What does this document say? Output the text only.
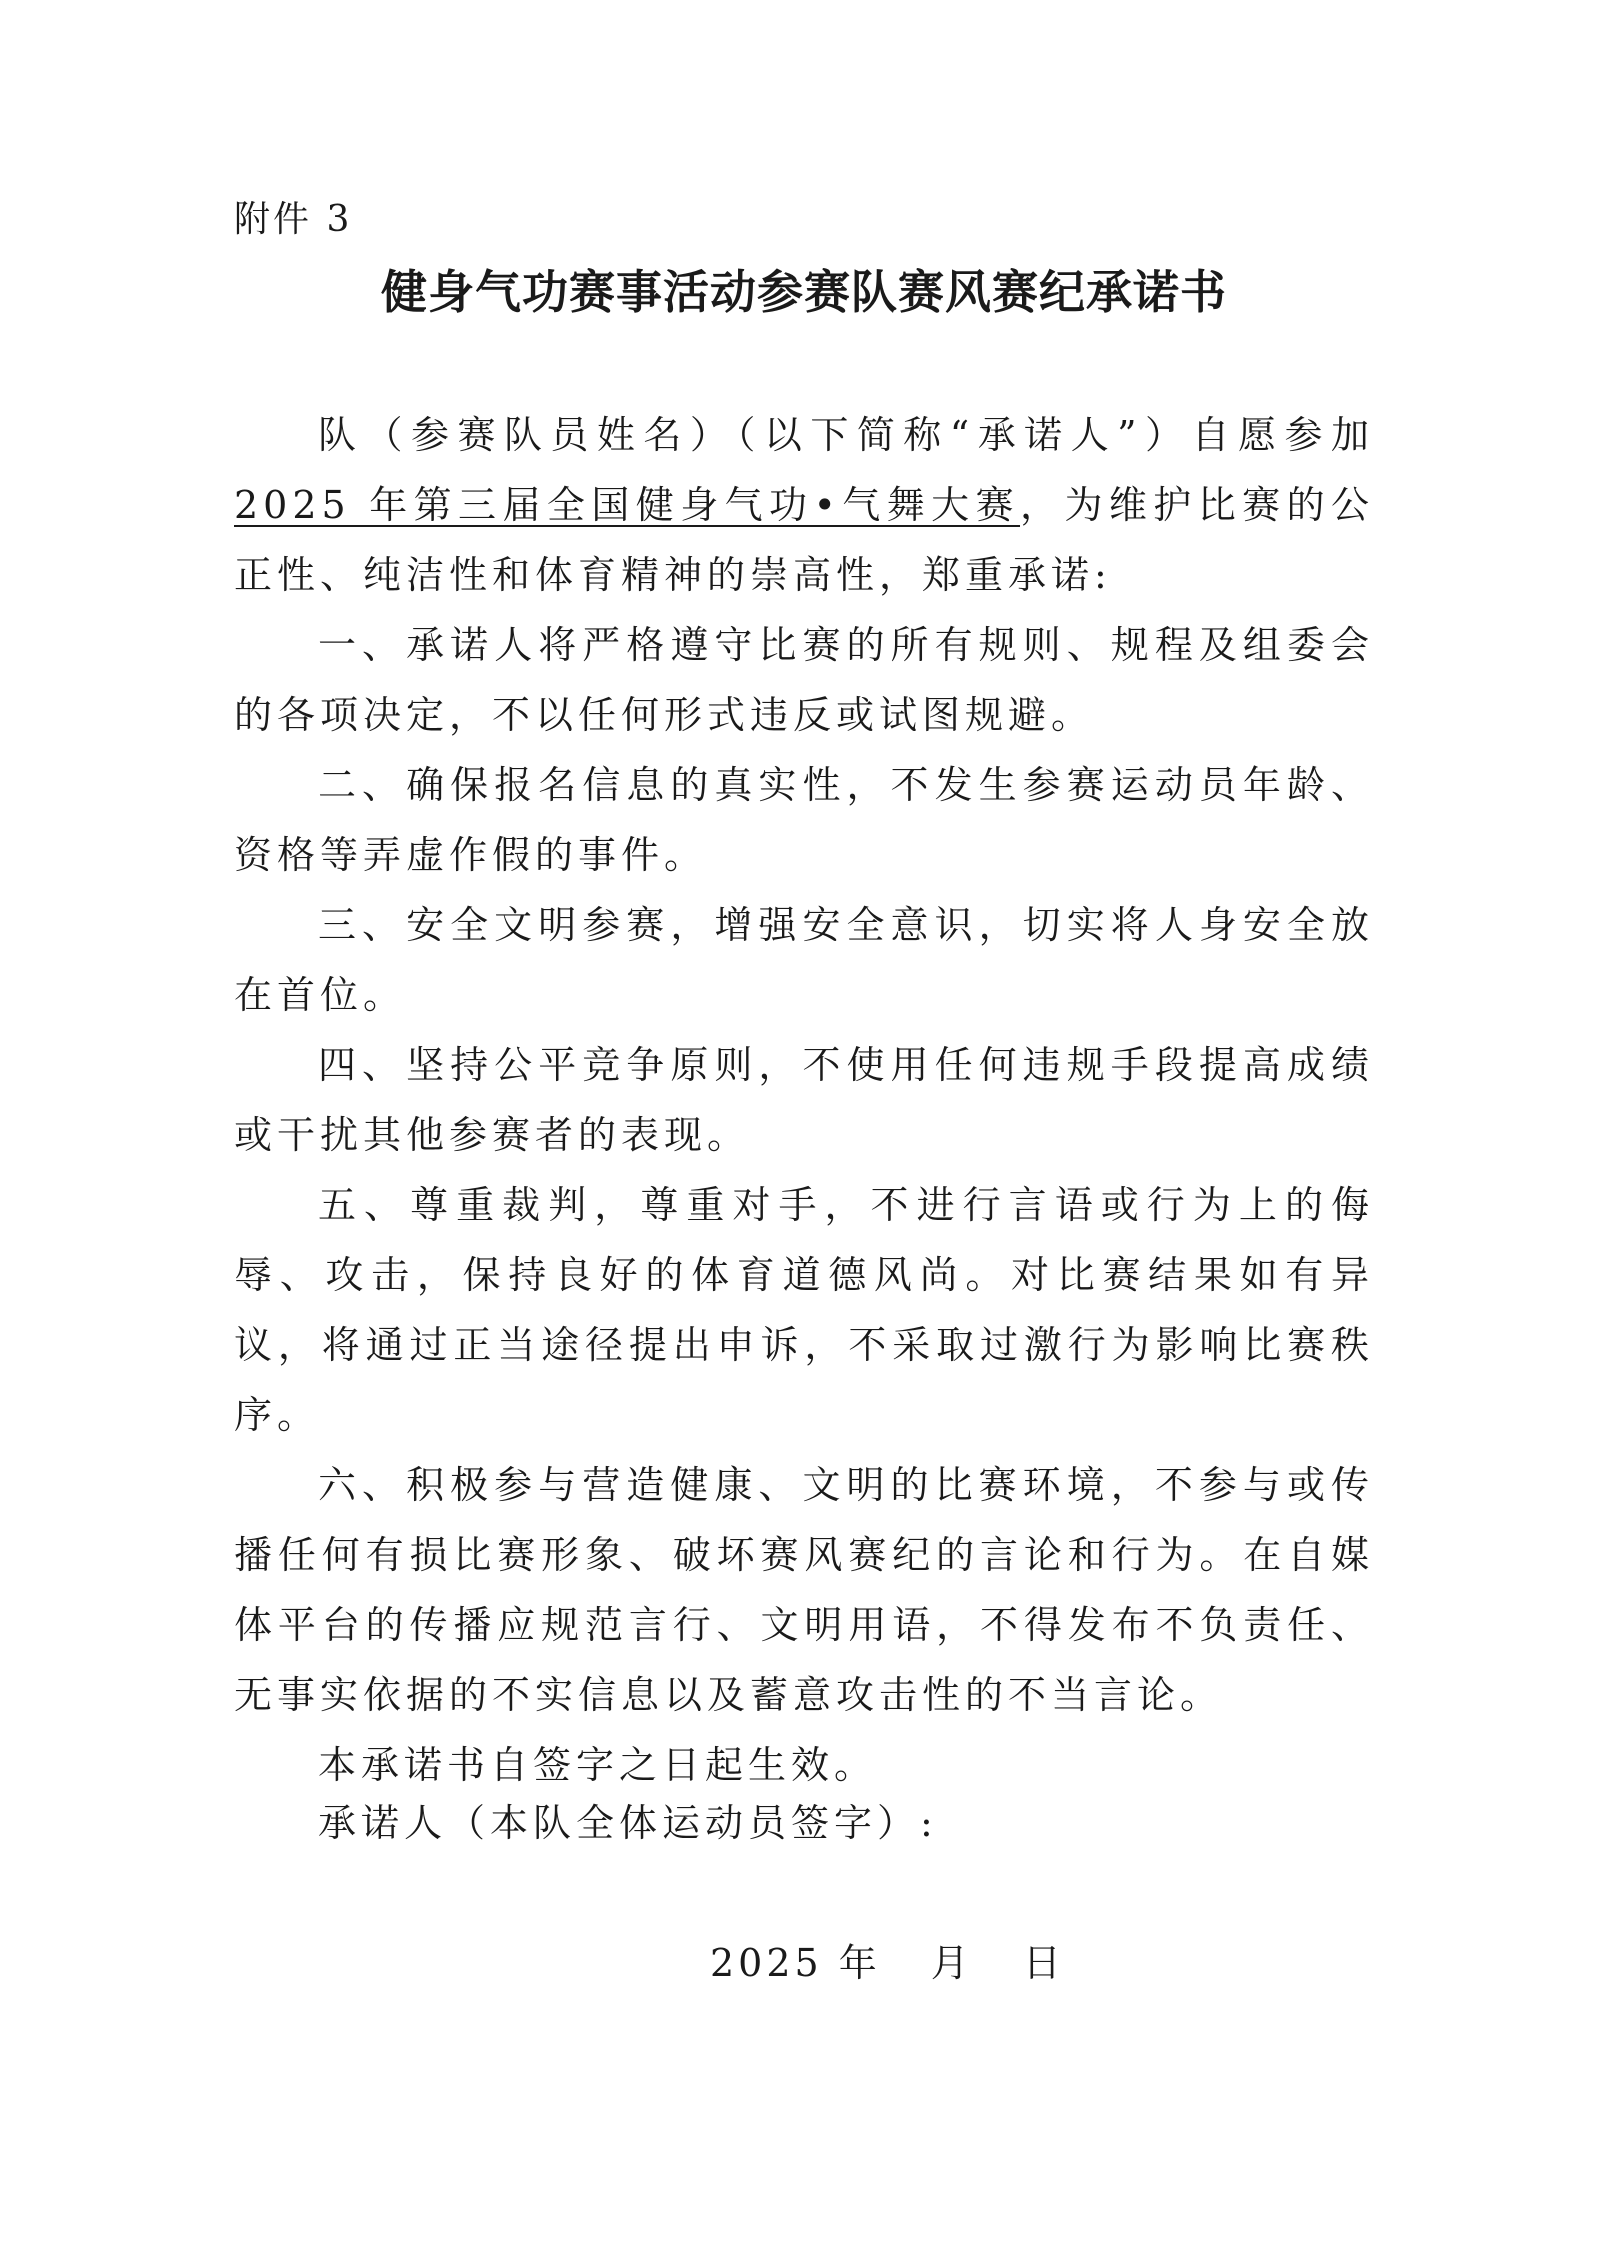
附件 3
健身气功赛事活动参赛队赛风赛纪承诺书

队（参赛队员姓名）（以下简称“承诺人”）自愿参加2025 年第三届全国健身气功•气舞大赛，为维护比赛的公正性、纯洁性和体育精神的崇高性，郑重承诺:

一、承诺人将严格遵守比赛的所有规则、规程及组委会的各项决定，不以任何形式违反或试图规避。

二、确保报名信息的真实性，不发生参赛运动员年龄、资格等弄虚作假的事件。

三、安全文明参赛，增强安全意识，切实将人身安全放在首位。

四、坚持公平竞争原则，不使用任何违规手段提高成绩或干扰其他参赛者的表现。

五、尊重裁判，尊重对手，不进行言语或行为上的侮辱、攻击，保持良好的体育道德风尚。对比赛结果如有异议，将通过正当途径提出申诉，不采取过激行为影响比赛秩序。

六、积极参与营造健康、文明的比赛环境，不参与或传播任何有损比赛形象、破坏赛风赛纪的言论和行为。在自媒体平台的传播应规范言行、文明用语，不得发布不负责任、无事实依据的不实信息以及蓄意攻击性的不当言论。

本承诺书自签字之日起生效。

承诺人（本队全体运动员签字）:
2025 年 月 日
